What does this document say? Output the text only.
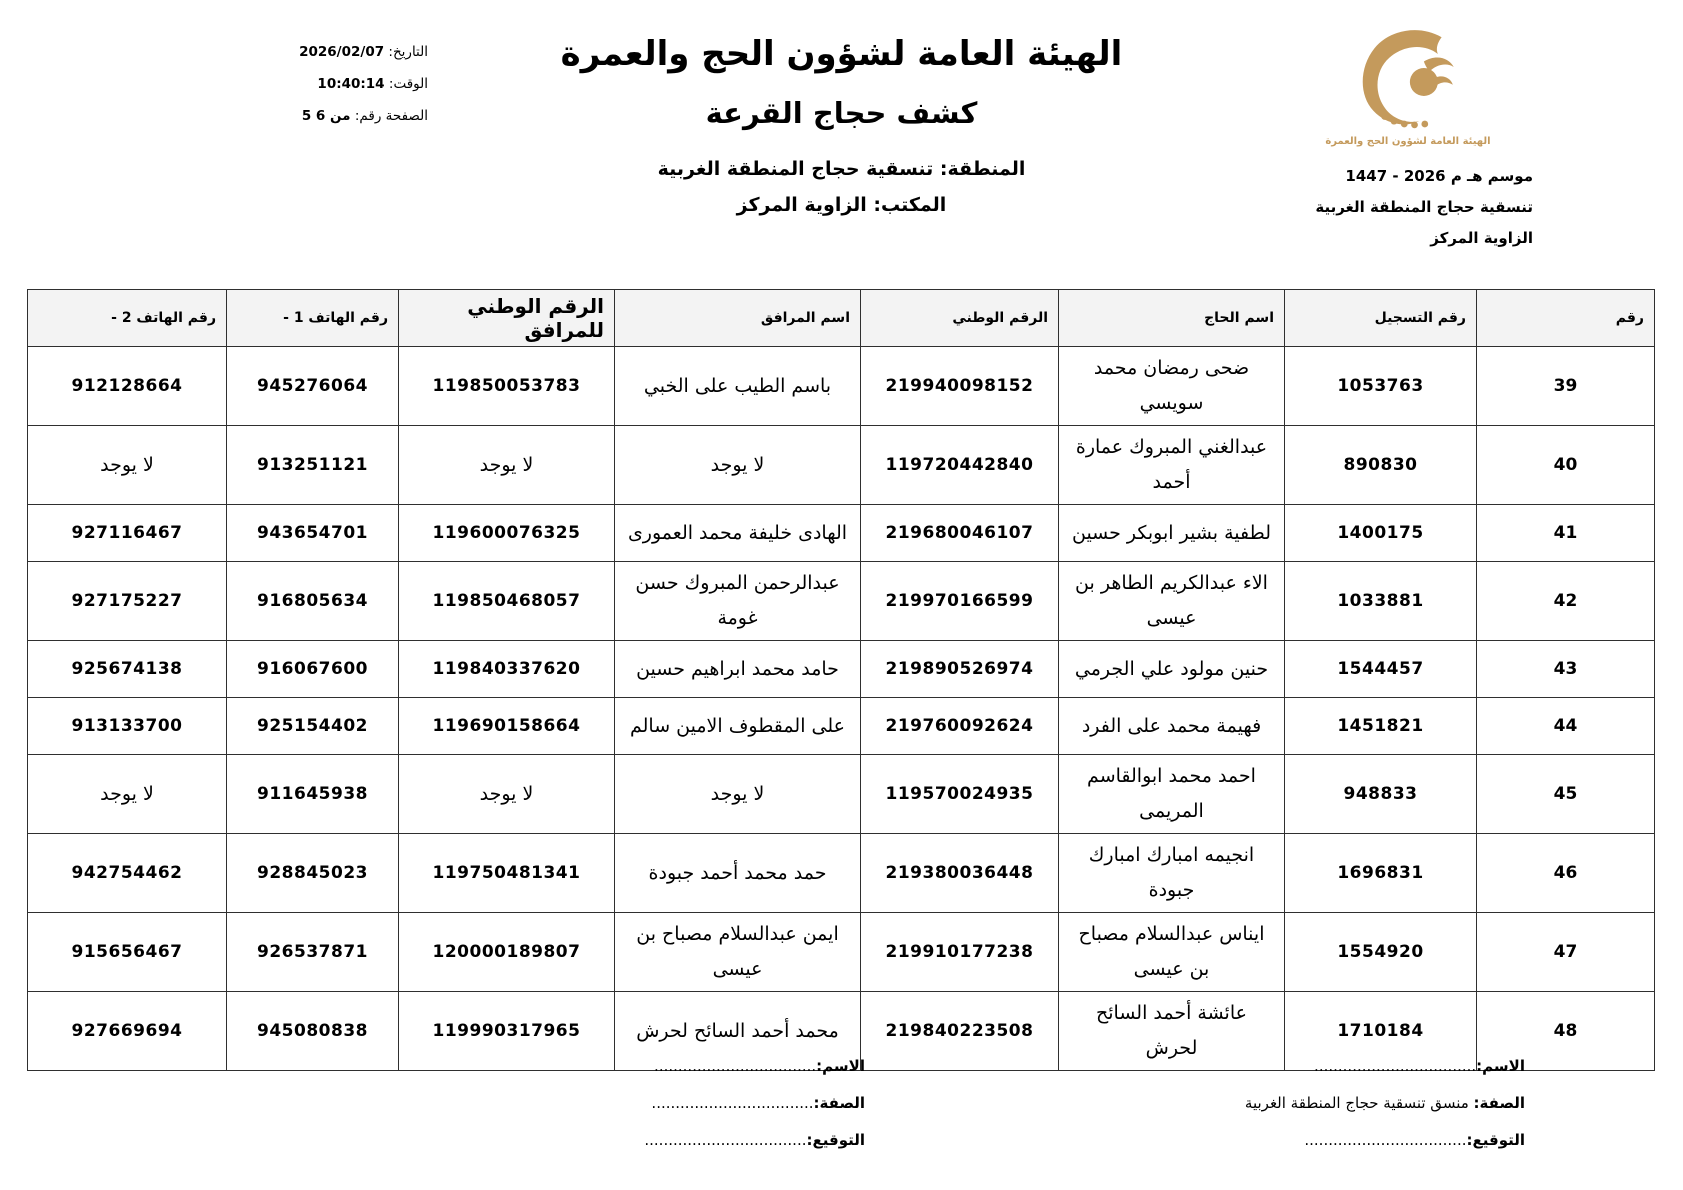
التاريخ: 2026/02/07
الوقت: 10:40:14
الصفحة رقم: من 6‏ 5
الهيئة العامة لشؤون الحج والعمرة
كشف حجاج القرعة
المنطقة: تنسقية حجاج المنطقة الغربية
المكتب: الزاوية المركز
الهيئة العامة لشؤون الحج والعمرة
موسم هـ م 2026 - 1447
تنسقية حجاج المنطقة الغربية
الزاوية المركز
رقم	رقم التسجيل	اسم الحاج	الرقم الوطني	اسم المرافق	الرقم الوطني للمرافق	رقم الهاتف 1 -	رقم الهاتف 2 -
39	1053763	ضحى رمضان محمد سويسي	219940098152	باسم الطيب على الخبي	119850053783	945276064	912128664
40	890830	عبدالغني المبروك عمارة أحمد	119720442840	لا يوجد	لا يوجد	913251121	لا يوجد
41	1400175	لطفية بشير ابوبكر حسين	219680046107	الهادى خليفة محمد العمورى	119600076325	943654701	927116467
42	1033881	الاء عبدالكريم الطاهر بن عيسى	219970166599	عبدالرحمن المبروك حسن غومة	119850468057	916805634	927175227
43	1544457	حنين مولود علي الجرمي	219890526974	حامد محمد ابراهيم حسين	119840337620	916067600	925674138
44	1451821	فهيمة محمد على الفرد	219760092624	على المقطوف الامين سالم	119690158664	925154402	913133700
45	948833	احمد محمد ابوالقاسم المريمى	119570024935	لا يوجد	لا يوجد	911645938	لا يوجد
46	1696831	انجيمه امبارك امبارك جبودة	219380036448	حمد محمد أحمد جبودة	119750481341	928845023	942754462
47	1554920	ايناس عبدالسلام مصباح بن عيسى	219910177238	ايمن عبدالسلام مصباح بن عيسى	120000189807	926537871	915656467
48	1710184	عائشة أحمد السائح لحرش	219840223508	محمد أحمد السائح لحرش	119990317965	945080838	927669694
الاسم:..................................
الصفة: منسق تنسقية حجاج المنطقة الغربية
التوقيع:..................................
الاسم:..................................
الصفة:..................................
التوقيع:..................................
